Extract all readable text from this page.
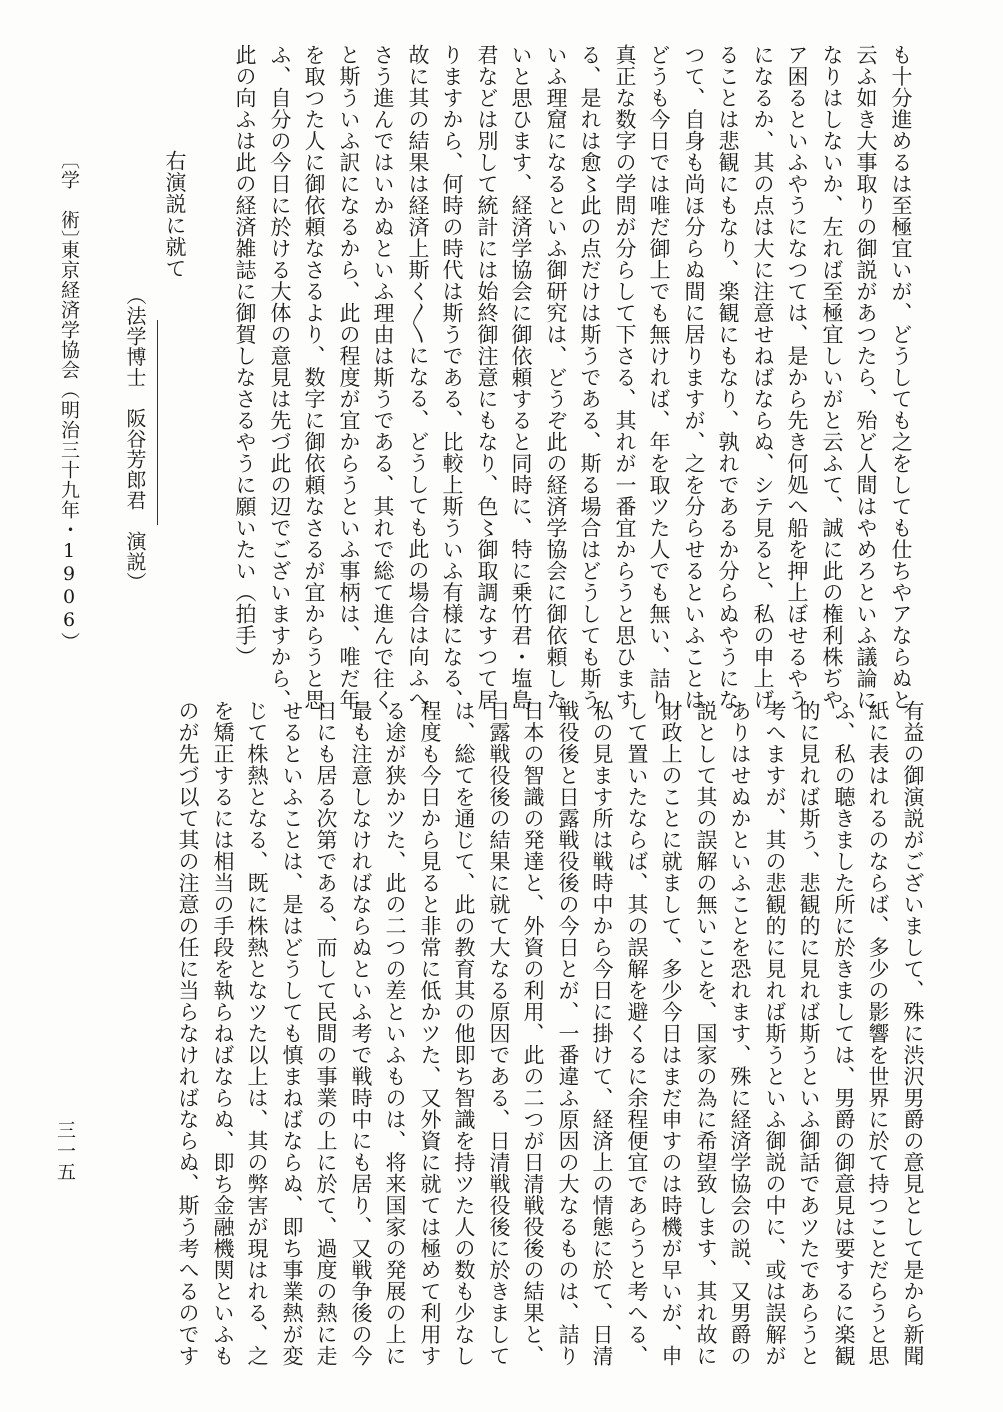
も十分進めるは至極宜いが、どうしても之をしても仕ちやアならぬと
云ふ如き大事取りの御説があつたら、殆ど人間はやめろといふ議論に
なりはしないか、左れば至極宜しいがと云ふて、誠に此の権利株ぢや
ア困るといふやうになつては、是から先き何処へ船を押上ぼせるやう
になるか、其の点は大に注意せねばならぬ、シテ見ると、私の申上げ
ることは悲観にもなり、楽観にもなり、孰れであるか分らぬやうにな
つて、自身も尚ほ分らぬ間に居りますが、之を分らせるといふことは
どうも今日では唯だ御上でも無ければ、年を取ツた人でも無い、詰り
真正な数字の学問が分らして下さる、其れが一番宜からうと思ひます
る、是れは愈〻此の点だけは斯うである、斯る場合はどうしても斯う
いふ理窟になるといふ御研究は、どうぞ此の経済学協会に御依頼した
いと思ひます、経済学協会に御依頼すると同時に、特に乗竹君・塩島
君などは別して統計には始終御注意にもなり、色〻御取調なすつて居
りますから、何時の時代は斯うである、比較上斯ういふ有様になる、
故に其の結果は経済上斯く〳〵になる、どうしても此の場合は向ふへ
さう進んではいかぬといふ理由は斯うである、其れで総て進んで往く
と斯ういふ訳になるから、此の程度が宜からうといふ事柄は、唯だ年
を取つた人に御依頼なさるより、数字に御依頼なさるが宜からうと思
ふ、自分の今日に於ける大体の意見は先づ此の辺でございますから、
此の向ふは此の経済雑誌に御賀しなさるやうに願いたい（拍手）
右演説に就て
（法学博士　阪谷芳郎君　演説）
〔学　術〕
東京経済学協会（明治三十九年・1906）
有益の御演説がございまして、殊に渋沢男爵の意見として是から新聞
紙に表はれるのならば、多少の影響を世界に於て持つことだらうと思
ふ、私の聴きました所に於きましては、男爵の御意見は要するに楽観
的に見れば斯う、悲観的に見れば斯うといふ御話であツたであらうと
考へますが、其の悲観的に見れば斯うといふ御説の中に、或は誤解が
ありはせぬかといふことを恐れます、殊に経済学協会の説、又男爵の
説として其の誤解の無いことを、国家の為に希望致します、其れ故に
財政上のことに就まして、多少今日はまだ申すのは時機が早いが、申
して置いたならば、其の誤解を避くるに余程便宜であらうと考へる、
私の見ます所は戦時中から今日に掛けて、経済上の情態に於て、日清
戦役後と日露戦役後の今日とが、一番違ふ原因の大なるものは、詰り
日本の智識の発達と、外資の利用、此の二つが日清戦役後の結果と、
日露戦役後の結果に就て大なる原因である、日清戦役後に於きまして
は、総てを通じて、此の教育其の他即ち智識を持ツた人の数も少なし
程度も今日から見ると非常に低かツた、又外資に就ては極めて利用す
る途が狭かツた、此の二つの差といふものは、将来国家の発展の上に
最も注意しなければならぬといふ考で戦時中にも居り、又戦争後の今
日にも居る次第である、而して民間の事業の上に於て、過度の熱に走
せるといふことは、是はどうしても慎まねばならぬ、即ち事業熱が変
じて株熱となる、既に株熱となツた以上は、其の弊害が現はれる、之
を矯正するには相当の手段を執らねばならぬ、即ち金融機関といふも
のが先づ以て其の注意の任に当らなければならぬ、斯う考へるのです
三一五
